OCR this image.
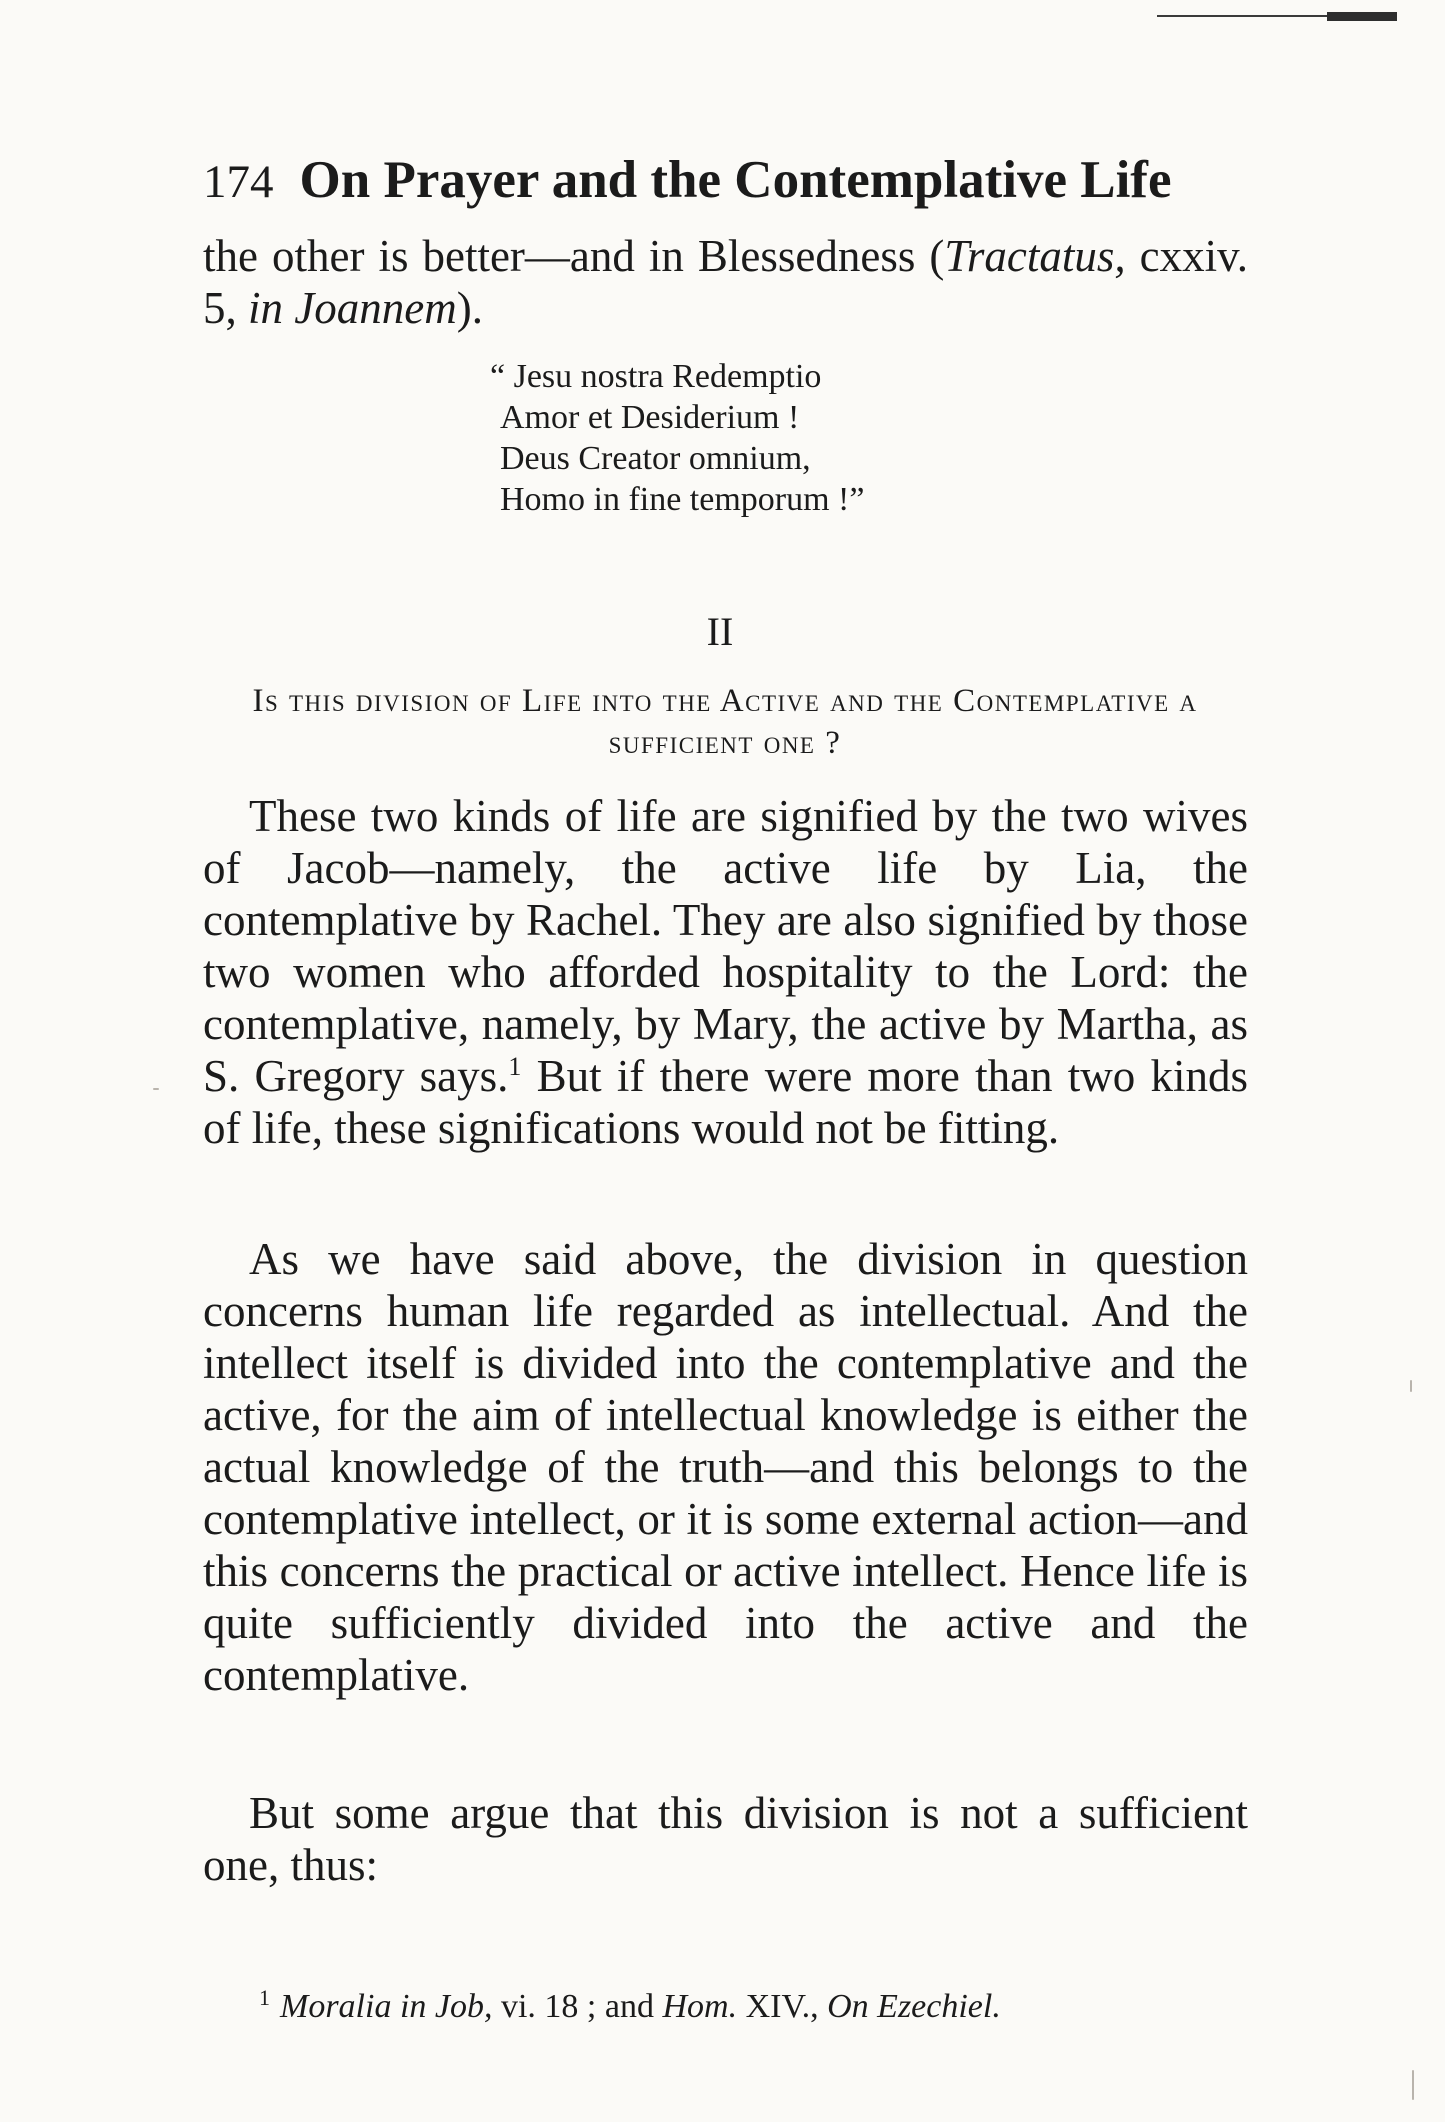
174 On Prayer and the Contemplative Life

the other is better—and in Blessedness (Tractatus, cxxiv. 5, in Joannem).

“ Jesu nostra Redemptio
Amor et Desiderium !
Deus Creator omnium,
Homo in fine temporum !”
II
Is this division of Life into the Active and the Contemplative a sufficient one ?

These two kinds of life are signified by the two wives of Jacob—namely, the active life by Lia, the contemplative by Rachel. They are also signified by those two women who afforded hospitality to the Lord: the contemplative, namely, by Mary, the active by Martha, as S. Gregory says.$^1$ But if there were more than two kinds of life, these significations would not be fitting.

As we have said above, the division in question concerns human life regarded as intellectual. And the intellect itself is divided into the contemplative and the active, for the aim of intellectual knowledge is either the actual knowledge of the truth—and this belongs to the contemplative intellect, or it is some external action—and this concerns the practical or active intellect. Hence life is quite sufficiently divided into the active and the contemplative.

But some argue that this division is not a sufficient one, thus:

$^1$ Moralia in Job, vi. 18 ; and Hom. XIV., On Ezechiel.
